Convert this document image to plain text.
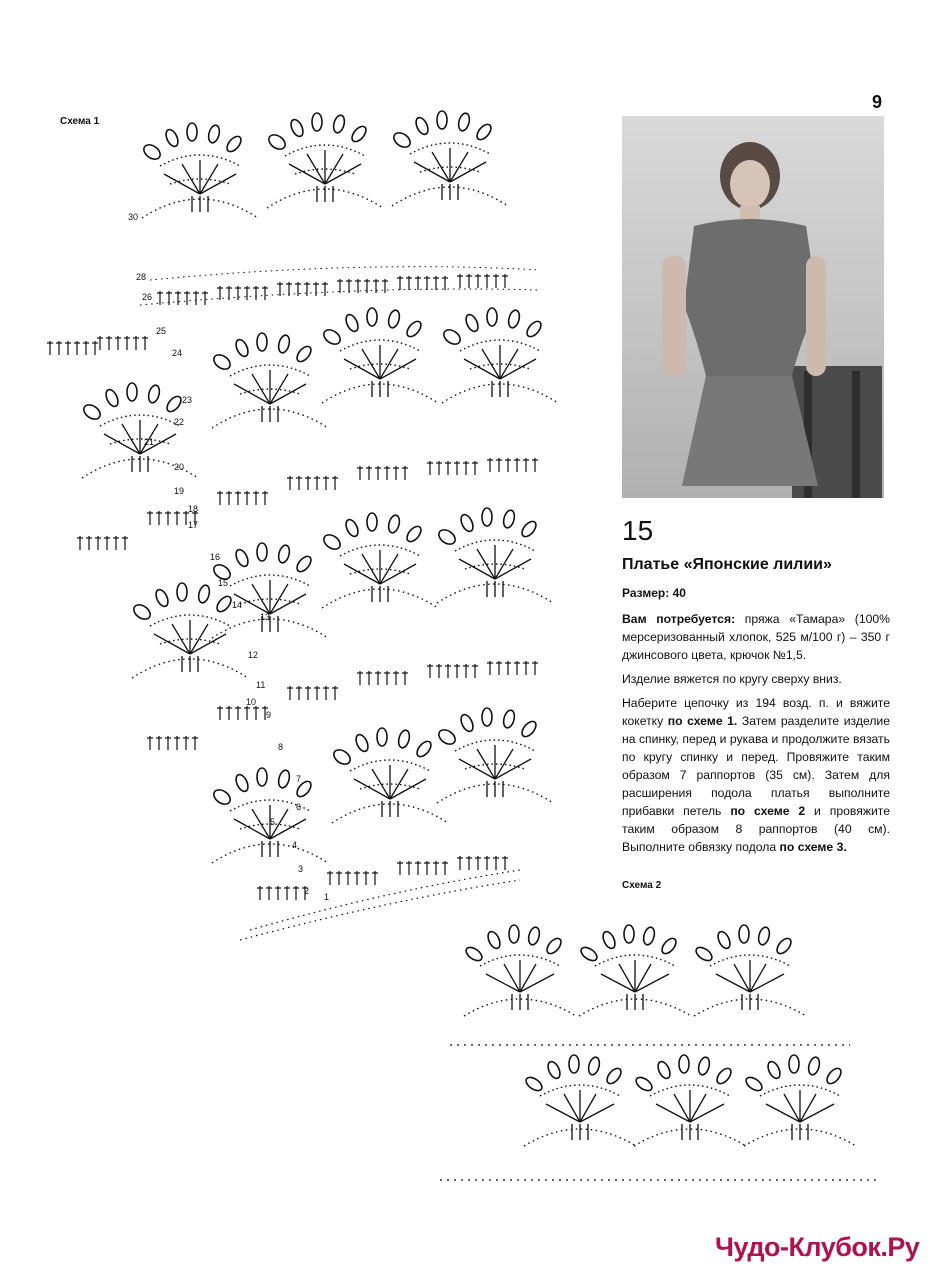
9
Схема 1
30
28
26
25
24
23
22
21
20
19
18
17
16
15
14
13
12
11
10
9
8
7
6
5
4
3
2
1
15
Платье «Японские лилии»
Размер: 40

Вам потребуется: пряжа «Тамара» (100% мерсеризованный хлопок, 525 м/100 г) – 350 г джинсового цвета, крючок №1,5.

Изделие вяжется по кругу сверху вниз.

Наберите цепочку из 194 возд. п. и вяжите кокетку по схеме 1. Затем разделите изделие на спинку, перед и рукава и продолжите вязать по кругу спинку и перед. Провяжите таким образом 7 раппортов (35 см). Затем для расширения подола платья выполните прибавки петель по схеме 2 и провяжите таким образом 8 раппортов (40 см). Выполните обвязку подола по схеме 3.

Схема 2
Чудо-Клубок.Ру
